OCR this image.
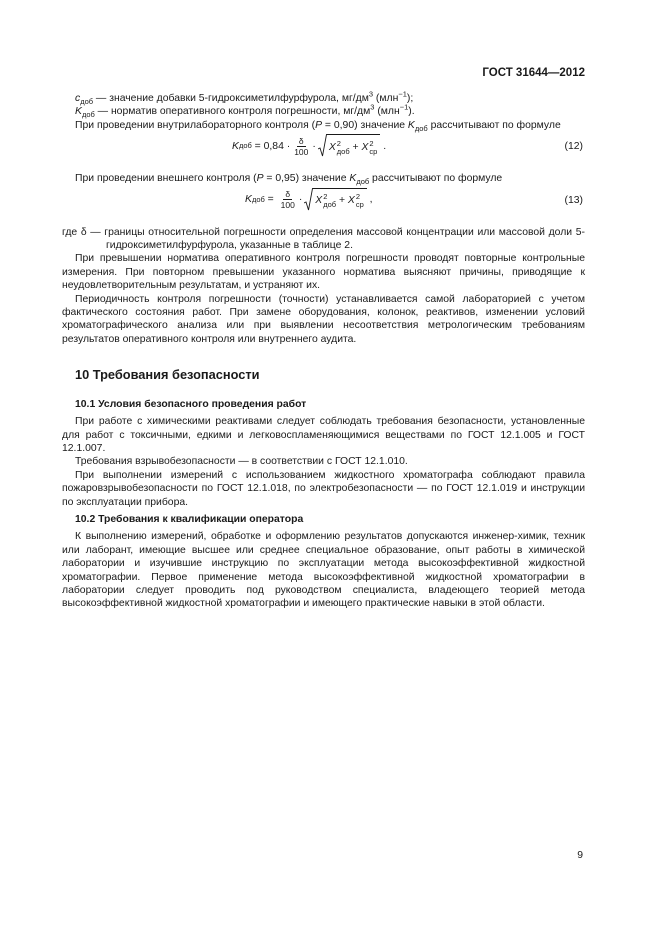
ГОСТ 31644—2012

$c_{доб}$ — значение добавки 5-гидроксиметилфурфурола, $мг/дм^3$ (млн$^{-1}$);

$K_{доб}$ — норматив оперативного контроля погрешности, $мг/дм^3$ (млн$^{-1}$).

При проведении внутрилабораторного контроля (P = 0,90) значение $K_{доб}$ рассчитывают по формуле

K доб = $0,84 \cdot \frac{\delta}{100} \cdot X$ 2
доб + X 2
ср .	(12)

При проведении внешнего контроля (P = 0,95) значение $K_{доб}$ рассчитывают по формуле

K доб = $\frac{\delta}{100} \cdot X$ 2
доб + X 2
ср ,	(13)

где δ — границы относительной погрешности определения массовой концентрации или массовой доли 5-гидроксиметилфурфурола, указанные в таблице 2.

При превышении норматива оперативного контроля погрешности проводят повторные контрольные измерения. При повторном превышении указанного норматива выясняют причины, приводящие к неудовлетворительным результатам, и устраняют их.

Периодичность контроля погрешности (точности) устанавливается самой лабораторией с учетом фактического состояния работ. При замене оборудования, колонок, реактивов, изменении условий хроматографического анализа или при выявлении несоответствия метрологическим требованиям результатов оперативного контроля или внутреннего аудита.

10 Требования безопасности
10.1 Условия безопасного проведения работ

При работе с химическими реактивами следует соблюдать требования безопасности, установленные для работ с токсичными, едкими и легковоспламеняющимися веществами по ГОСТ 12.1.005 и ГОСТ 12.1.007.

Требования взрывобезопасности — в соответствии с ГОСТ 12.1.010.

При выполнении измерений с использованием жидкостного хроматографа соблюдают правила пожаровзрывобезопасности по ГОСТ 12.1.018, по электробезопасности — по ГОСТ 12.1.019 и инструкции по эксплуатации прибора.

10.2 Требования к квалификации оператора

К выполнению измерений, обработке и оформлению результатов допускаются инженер-химик, техник или лаборант, имеющие высшее или среднее специальное образование, опыт работы в химической лаборатории и изучившие инструкцию по эксплуатации метода высокоэффективной жидкостной хроматографии. Первое применение метода высокоэффективной жидкостной хроматографии в лаборатории следует проводить под руководством специалиста, владеющего теорией метода высокоэффективной жидкостной хроматографии и имеющего практические навыки в этой области.

9
